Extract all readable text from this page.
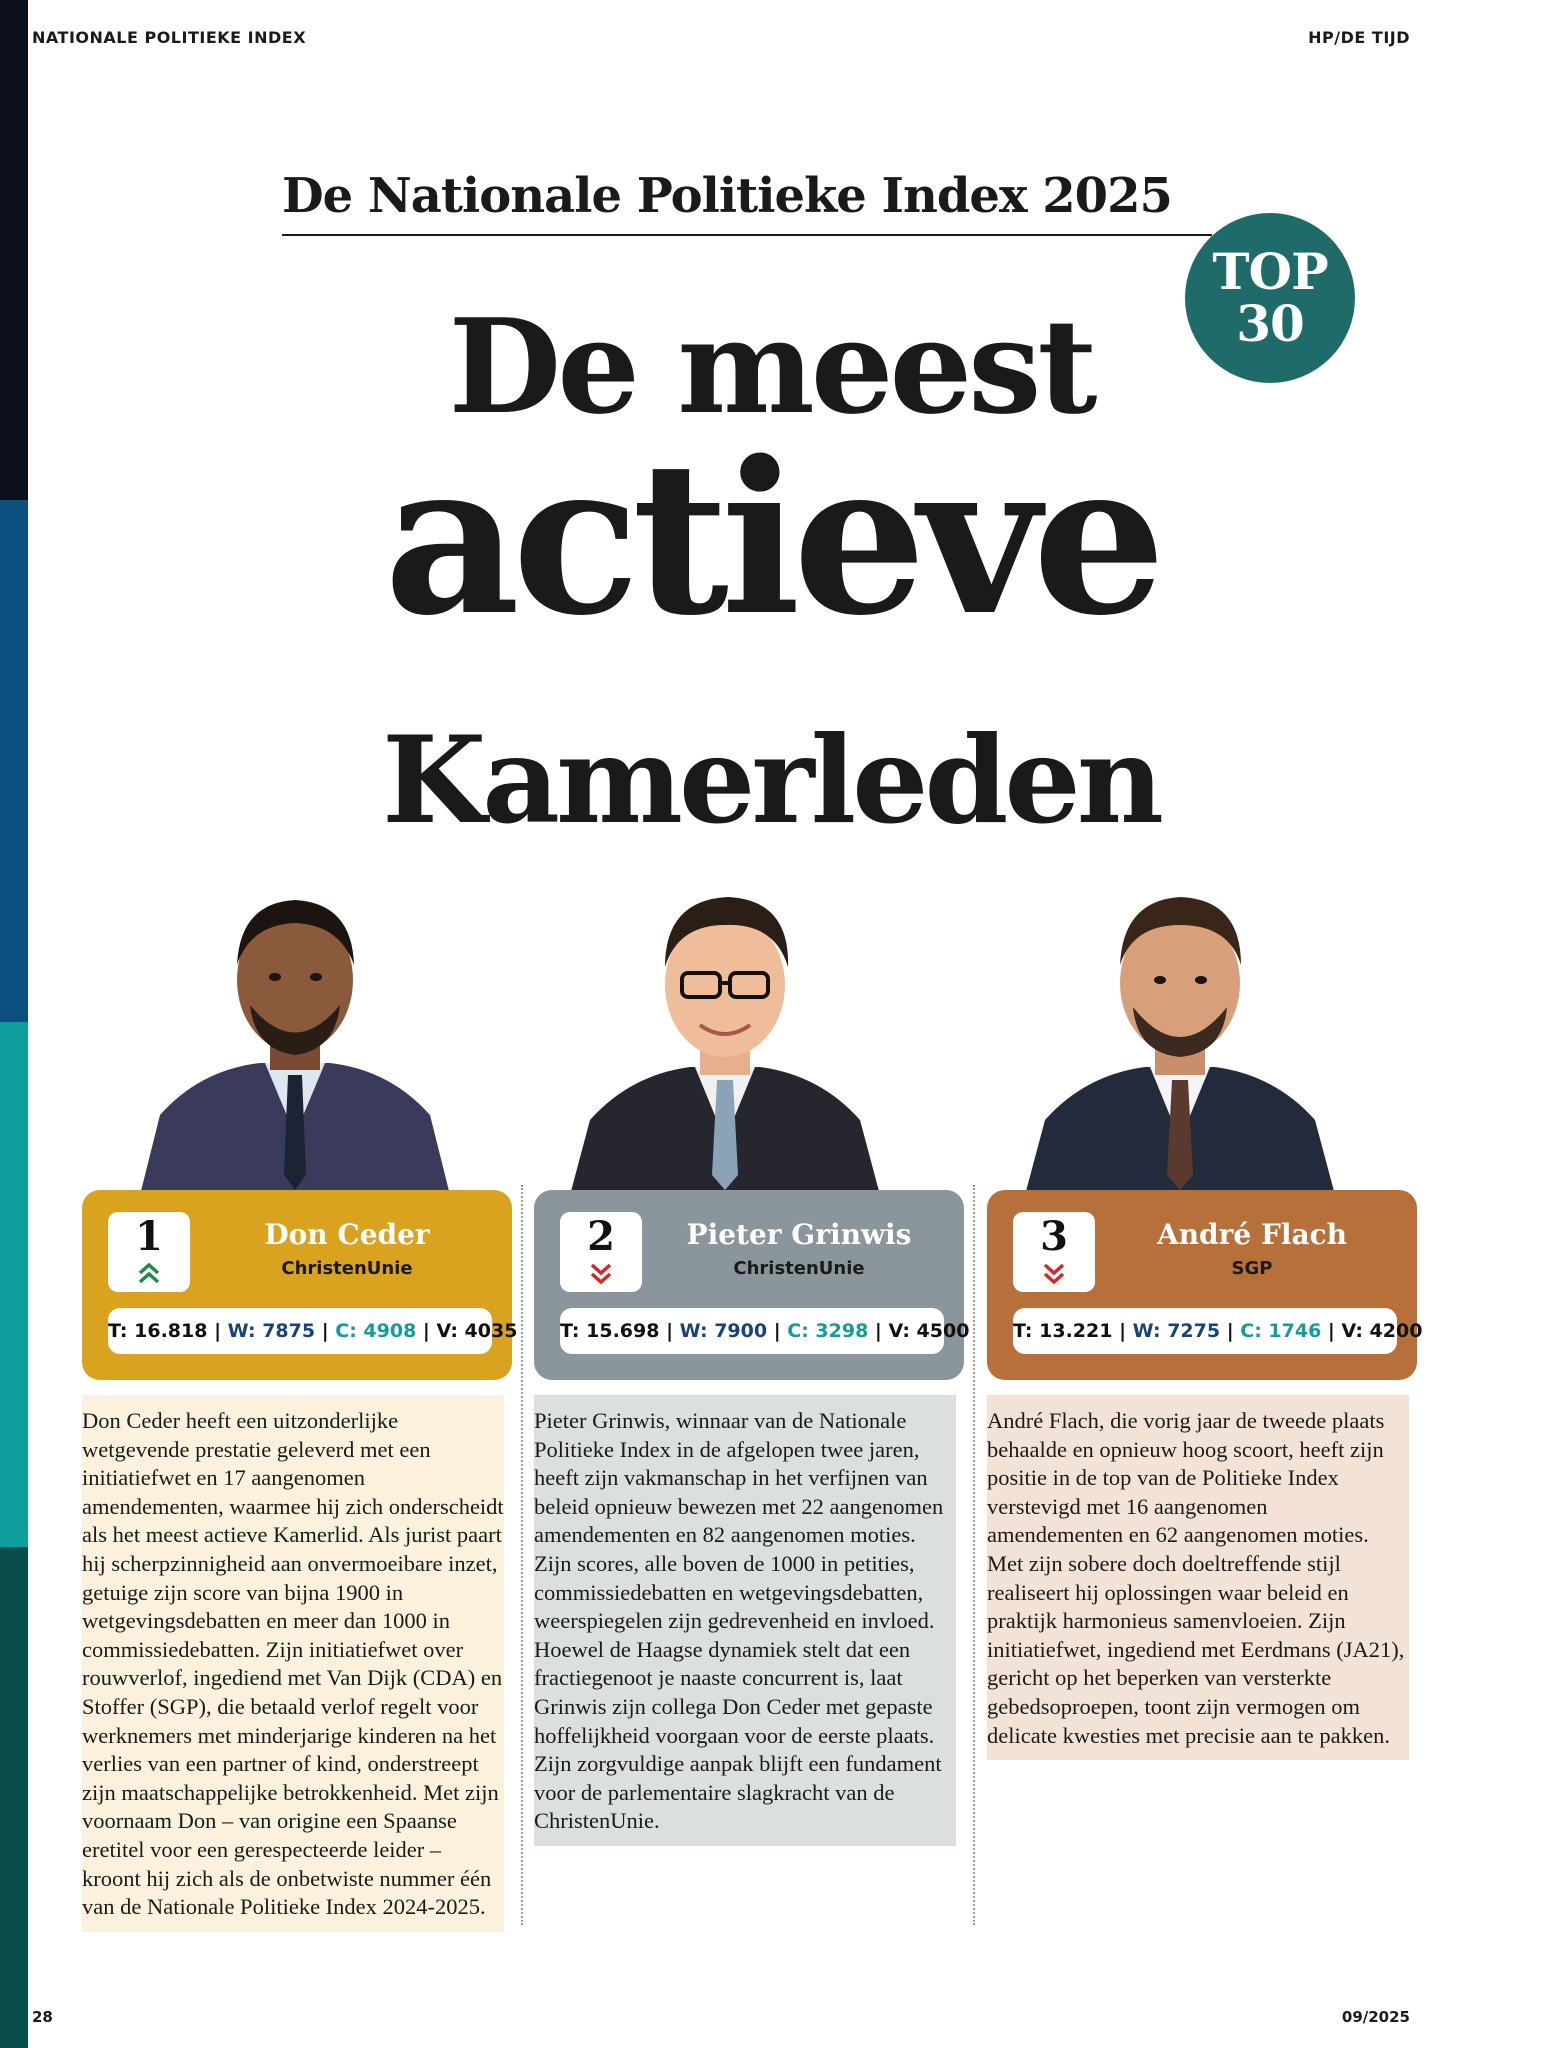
NATIONALE POLITIEKE INDEX	HP/DE TIJD
De Nationale Politieke Index 2025
TOP
30
De meest
actieve
Kamerleden
1	Don Ceder
ChristenUnie
T: 16.818 | W: 7875 | C: 4908 | V: 4035

Don Ceder heeft een uitzonderlijke wetgevende prestatie geleverd met een initiatiefwet en 17 aangenomen amendementen, waarmee hij zich onderscheidt als het meest actieve Kamerlid. Als jurist paart hij scherpzinnigheid aan onvermoeibare inzet, getuige zijn score van bijna 1900 in wetgevingsdebatten en meer dan 1000 in commissiedebatten. Zijn initiatiefwet over rouwverlof, ingediend met Van Dijk (CDA) en Stoffer (SGP), die betaald verlof regelt voor werknemers met minderjarige kinderen na het verlies van een partner of kind, onderstreept zijn maatschappelijke betrokkenheid. Met zijn voornaam Don – van origine een Spaanse eretitel voor een gerespecteerde leider – kroont hij zich als de onbetwiste nummer één van de Nationale Politieke Index 2024-2025.

2	Pieter Grinwis
ChristenUnie
T: 15.698 | W: 7900 | C: 3298 | V: 4500

Pieter Grinwis, winnaar van de Nationale Politieke Index in de afgelopen twee jaren, heeft zijn vakmanschap in het verfijnen van beleid opnieuw bewezen met 22 aangenomen amendementen en 82 aangenomen moties. Zijn scores, alle boven de 1000 in petities, commissiedebatten en wetgevingsdebatten, weerspiegelen zijn gedrevenheid en invloed. Hoewel de Haagse dynamiek stelt dat een fractiegenoot je naaste concurrent is, laat Grinwis zijn collega Don Ceder met gepaste hoffelijkheid voorgaan voor de eerste plaats. Zijn zorgvuldige aanpak blijft een fundament voor de parlementaire slagkracht van de ChristenUnie.

3	André Flach
SGP
T: 13.221 | W: 7275 | C: 1746 | V: 4200

André Flach, die vorig jaar de tweede plaats behaalde en opnieuw hoog scoort, heeft zijn positie in de top van de Politieke Index verstevigd met 16 aangenomen amendementen en 62 aangenomen moties. Met zijn sobere doch doeltreffende stijl realiseert hij oplossingen waar beleid en praktijk harmonieus samenvloeien. Zijn initiatiefwet, ingediend met Eerdmans (JA21), gericht op het beperken van versterkte gebedsoproepen, toont zijn vermogen om delicate kwesties met precisie aan te pakken.

28	09/2025
